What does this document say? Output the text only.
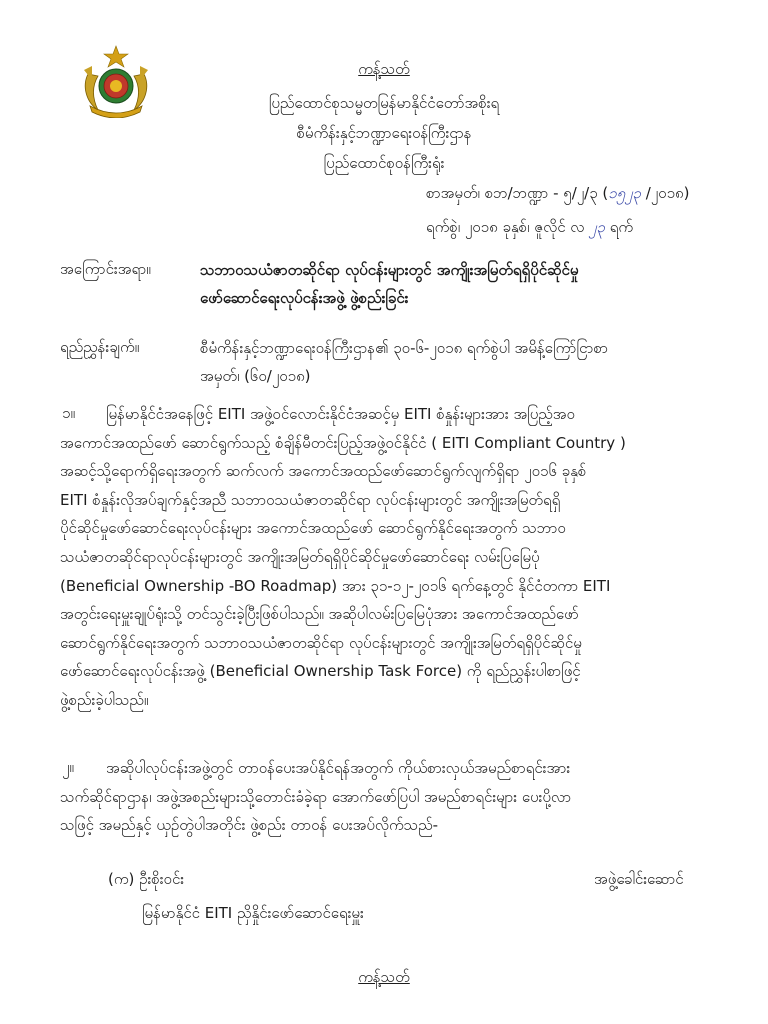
ကန့်သတ်
ပြည်ထောင်စုသမ္မတမြန်မာနိုင်ငံတော်အစိုးရ
စီမံကိန်းနှင့်ဘဏ္ဍာရေးဝန်ကြီးဌာန
ပြည်ထောင်စုဝန်ကြီးရုံး
စာအမှတ်၊ စဘ/ဘဏ္ဍာ - ၅/၂/၃ (၁၅၂၃ /၂၀၁၈)
ရက်စွဲ၊ ၂၀၁၈ ခုနှစ်၊ ဇူလိုင် လ ၂၃ ရက်
အကြောင်းအရာ။	သဘာဝသယံဇာတဆိုင်ရာ လုပ်ငန်းများတွင် အကျိုးအမြတ်ရရှိပိုင်ဆိုင်မှု
ဖော်ဆောင်ရေးလုပ်ငန်းအဖွဲ့ ဖွဲ့စည်းခြင်း
ရည်ညွှန်းချက်။	စီမံကိန်းနှင့်ဘဏ္ဍာရေးဝန်ကြီးဌာန၏ ၃၀-၆-၂၀၁၈ ရက်စွဲပါ အမိန့်ကြော်ငြာစာ
အမှတ်၊ (၆၀/၂၀၁၈)
၁။	မြန်မာနိုင်ငံအနေဖြင့် EITI အဖွဲ့ဝင်လောင်းနိုင်ငံအဆင့်မှ EITI စံနှုန်းများအား အပြည့်အဝ
အကောင်အထည်ဖော် ဆောင်ရွက်သည့် စံချိန်မီတင်းပြည့်အဖွဲ့ဝင်နိုင်ငံ ( EITI Compliant Country )
အဆင့်သို့ရောက်ရှိရေးအတွက် ဆက်လက် အကောင်အထည်ဖော်ဆောင်ရွက်လျက်ရှိရာ ၂၀၁၆ ခုနှစ်
EITI စံနှုန်းလိုအပ်ချက်နှင့်အညီ သဘာဝသယံဇာတဆိုင်ရာ လုပ်ငန်းများတွင် အကျိုးအမြတ်ရရှိ
ပိုင်ဆိုင်မှုဖော်ဆောင်ရေးလုပ်ငန်းများ အကောင်အထည်ဖော် ဆောင်ရွက်နိုင်ရေးအတွက် သဘာဝ
သယံဇာတဆိုင်ရာလုပ်ငန်းများတွင် အကျိုးအမြတ်ရရှိပိုင်ဆိုင်မှုဖော်ဆောင်ရေး လမ်းပြမြေပုံ
(Beneficial Ownership -BO Roadmap) အား ၃၁-၁၂-၂၀၁၆ ရက်နေ့တွင် နိုင်ငံတကာ EITI
အတွင်းရေးမှူးချုပ်ရုံးသို့ တင်သွင်းခဲ့ပြီးဖြစ်ပါသည်။ အဆိုပါလမ်းပြမြေပုံအား အကောင်အထည်ဖော်
ဆောင်ရွက်နိုင်ရေးအတွက် သဘာဝသယံဇာတဆိုင်ရာ လုပ်ငန်းများတွင် အကျိုးအမြတ်ရရှိပိုင်ဆိုင်မှု
ဖော်ဆောင်ရေးလုပ်ငန်းအဖွဲ့ (Beneficial Ownership Task Force) ကို ရည်ညွှန်းပါစာဖြင့်
ဖွဲ့စည်းခဲ့ပါသည်။
၂။	အဆိုပါလုပ်ငန်းအဖွဲ့တွင် တာဝန်ပေးအပ်နိုင်ရန်အတွက် ကိုယ်စားလှယ်အမည်စာရင်းအား
သက်ဆိုင်ရာဌာန၊ အဖွဲ့အစည်းများသို့တောင်းခံခဲ့ရာ အောက်ဖော်ပြပါ အမည်စာရင်းများ ပေးပို့လာ
သဖြင့် အမည်နှင့် ယှဉ်တွဲပါအတိုင်း ဖွဲ့စည်း တာဝန် ပေးအပ်လိုက်သည်-
(က) ဦးစိုးဝင်း	အဖွဲ့ခေါင်းဆောင်
မြန်မာနိုင်ငံ EITI ညှိနှိုင်းဖော်ဆောင်ရေးမှူး
ကန့်သတ်
